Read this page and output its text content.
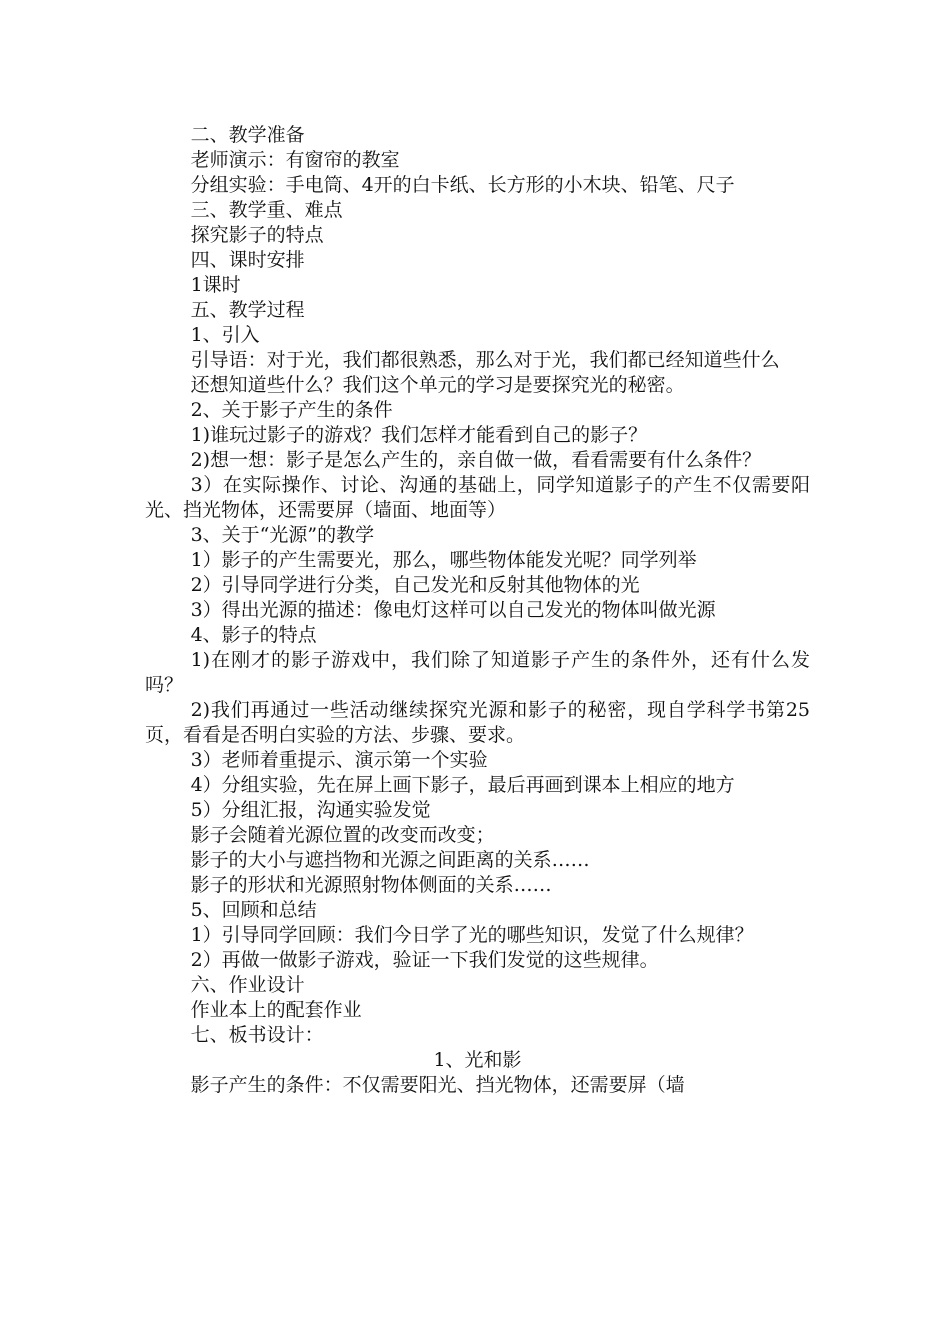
二、教学准备

老师演示：有窗帘的教室

分组实验：手电筒、4开的白卡纸、长方形的小木块、铅笔、尺子

三、教学重、难点

探究影子的特点

四、课时安排

1课时

五、教学过程

1、引入

引导语：对于光，我们都很熟悉，那么对于光，我们都已经知道些什么

还想知道些什么？我们这个单元的学习是要探究光的秘密。

2、关于影子产生的条件

1)谁玩过影子的游戏？我们怎样才能看到自己的影子？

2)想一想：影子是怎么产生的，亲自做一做，看看需要有什么条件？

3）在实际操作、讨论、沟通的基础上，同学知道影子的产生不仅需要阳光、挡光物体，还需要屏（墙面、地面等）

3、关于“光源”的教学

1）影子的产生需要光，那么，哪些物体能发光呢？同学列举

2）引导同学进行分类，自己发光和反射其他物体的光

3）得出光源的描述：像电灯这样可以自己发光的物体叫做光源

4、影子的特点

1)在刚才的影子游戏中，我们除了知道影子产生的条件外，还有什么发吗？

2)我们再通过一些活动继续探究光源和影子的秘密，现自学科学书第25页，看看是否明白实验的方法、步骤、要求。

3）老师着重提示、演示第一个实验

4）分组实验，先在屏上画下影子，最后再画到课本上相应的地方

5）分组汇报，沟通实验发觉

影子会随着光源位置的改变而改变；

影子的大小与遮挡物和光源之间距离的关系……

影子的形状和光源照射物体侧面的关系……

5、回顾和总结

1）引导同学回顾：我们今日学了光的哪些知识，发觉了什么规律？

2）再做一做影子游戏，验证一下我们发觉的这些规律。

六、作业设计

作业本上的配套作业

七、板书设计：

1、光和影

影子产生的条件：不仅需要阳光、挡光物体，还需要屏（墙
